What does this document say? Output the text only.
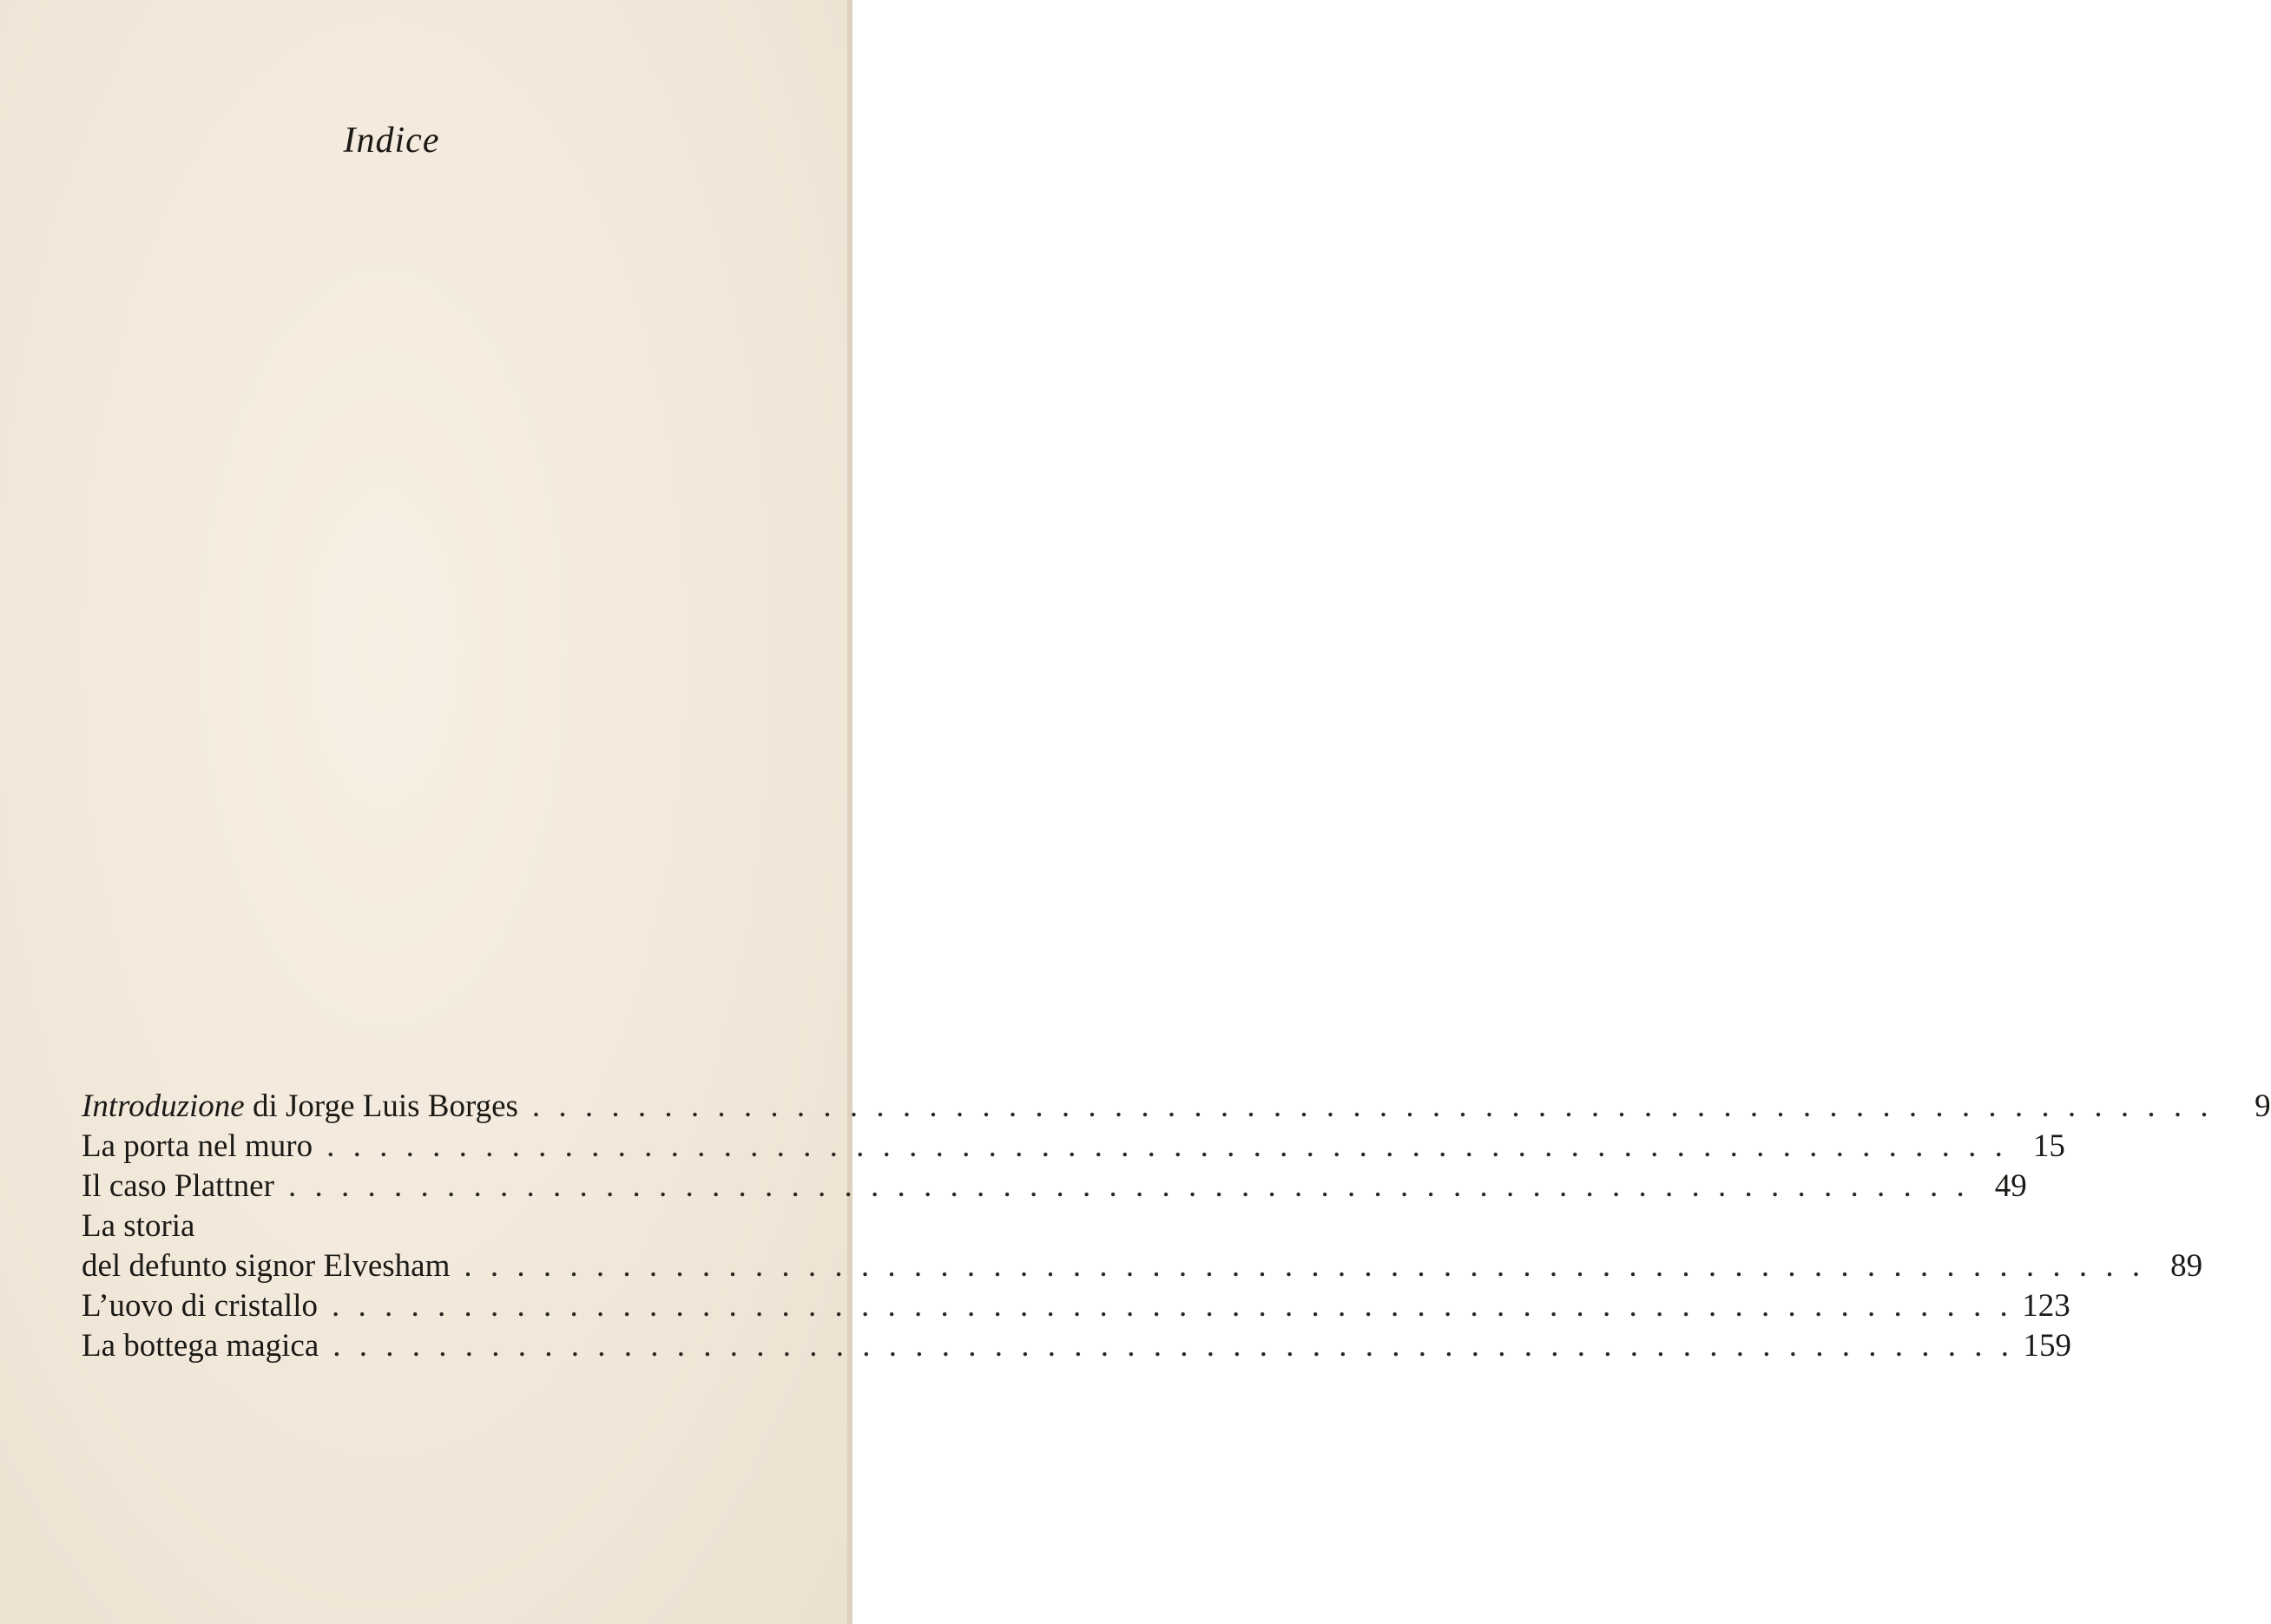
Indice
Introduzione di Jorge Luis Borges . . . . . . . . . . . . . . . . . . . . . . . . . . . . . . . . . . . . . . . . . . . . . . . . . . . . . . . . . . . . . . . .	9
La porta nel muro . . . . . . . . . . . . . . . . . . . . . . . . . . . . . . . . . . . . . . . . . . . . . . . . . . . . . . . . . . . . . . . . 15
Il caso Plattner . . . . . . . . . . . . . . . . . . . . . . . . . . . . . . . . . . . . . . . . . . . . . . . . . . . . . . . . . . . . . . . . 49
La storia
del defunto signor Elvesham . . . . . . . . . . . . . . . . . . . . . . . . . . . . . . . . . . . . . . . . . . . . . . . . . . . . . . . . . . . . . . . . 89
L’uovo di cristallo . . . . . . . . . . . . . . . . . . . . . . . . . . . . . . . . . . . . . . . . . . . . . . . . . . . . . . . . . . . . . . . . 123
La bottega magica . . . . . . . . . . . . . . . . . . . . . . . . . . . . . . . . . . . . . . . . . . . . . . . . . . . . . . . . . . . . . . . . 159
